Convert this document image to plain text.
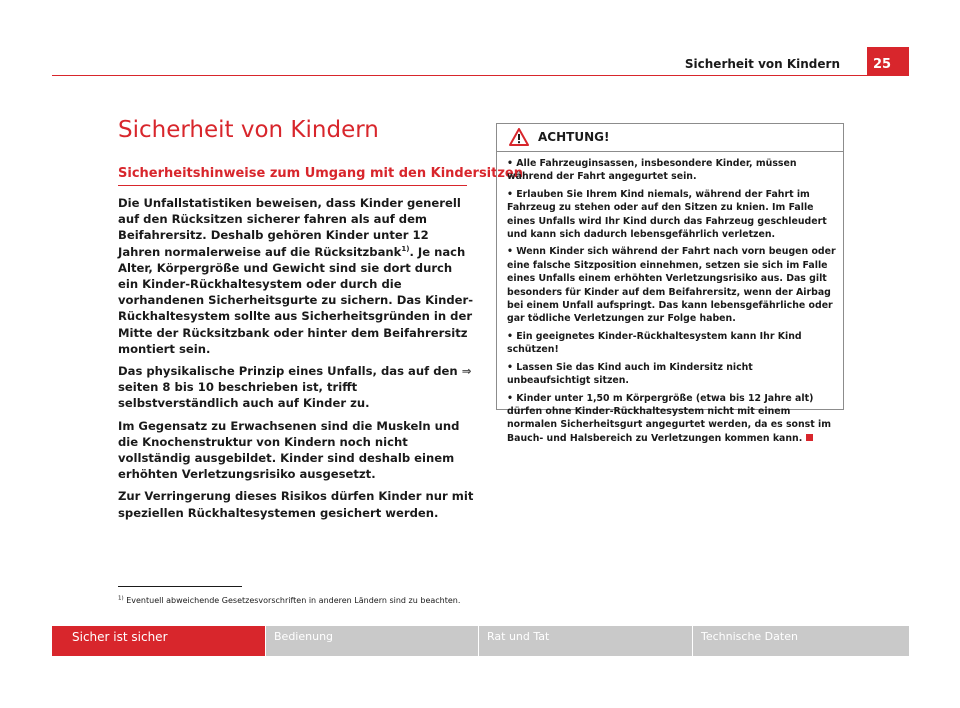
Sicherheit von Kindern	25
Sicherheit von Kindern
Sicherheitshinweise zum Umgang mit den Kindersitzen

Die Unfallstatistiken beweisen, dass Kinder generell auf den Rücksitzen sicherer fahren als auf dem Beifahrersitz. Deshalb gehören Kinder unter 12 Jahren normalerweise auf die Rücksitzbank$^{1)}$. Je nach Alter, Körpergröße und Gewicht sind sie dort durch ein Kinder-Rückhaltesystem oder durch die vorhandenen Sicherheitsgurte zu sichern. Das Kinder-Rückhaltesystem sollte aus Sicherheitsgründen in der Mitte der Rücksitzbank oder hinter dem Beifahrersitz montiert sein.

Das physikalische Prinzip eines Unfalls, das auf den ⇒ seiten 8 bis 10 beschrieben ist, trifft selbstverständlich auch auf Kinder zu.

Im Gegensatz zu Erwachsenen sind die Muskeln und die Knochenstruktur von Kindern noch nicht vollständig ausgebildet. Kinder sind deshalb einem erhöhten Verletzungsrisiko ausgesetzt.

Zur Verringerung dieses Risikos dürfen Kinder nur mit speziellen Rückhaltesystemen gesichert werden.

ACHTUNG!

• Alle Fahrzeuginsassen, insbesondere Kinder, müssen während der Fahrt angegurtet sein.

• Erlauben Sie Ihrem Kind niemals, während der Fahrt im Fahrzeug zu stehen oder auf den Sitzen zu knien. Im Falle eines Unfalls wird Ihr Kind durch das Fahrzeug geschleudert und kann sich dadurch lebensgefährlich verletzen.

• Wenn Kinder sich während der Fahrt nach vorn beugen oder eine falsche Sitzposition einnehmen, setzen sie sich im Falle eines Unfalls einem erhöhten Verletzungsrisiko aus. Das gilt besonders für Kinder auf dem Beifahrersitz, wenn der Airbag bei einem Unfall aufspringt. Das kann lebensgefährliche oder gar tödliche Verletzungen zur Folge haben.

• Ein geeignetes Kinder-Rückhaltesystem kann Ihr Kind schützen!

• Lassen Sie das Kind auch im Kindersitz nicht unbeaufsichtigt sitzen.

• Kinder unter 1,50 m Körpergröße (etwa bis 12 Jahre alt) dürfen ohne Kinder-Rückhaltesystem nicht mit einem normalen Sicherheitsgurt angegurtet werden, da es sonst im Bauch- und Halsbereich zu Verletzungen kommen kann.

$^{1)}$ Eventuell abweichende Gesetzesvorschriften in anderen Ländern sind zu beachten.
Sicher ist sicher	Bedienung	Rat und Tat	Technische Daten
